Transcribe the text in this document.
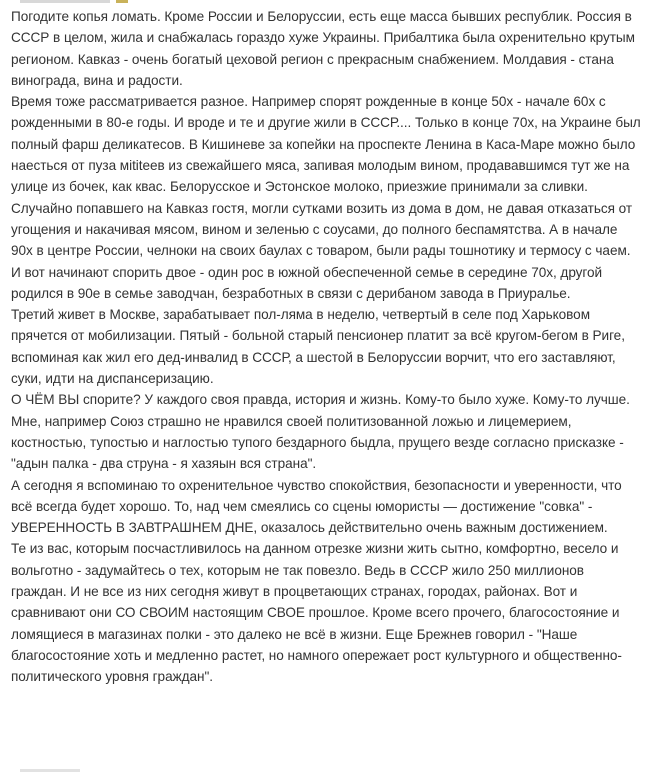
Погодите копья ломать. Кроме России и Белоруссии, есть еще масса бывших республик. Россия в СССР в целом, жила и снабжалась гораздо хуже Украины. Прибалтика была охренительно крутым регионом. Кавказ - очень богатый цеховой регион с прекрасным снабжением. Молдавия - стана винограда, вина и радости.

Время тоже рассматривается разное. Например спорят рожденные в конце 50х - начале 60х с рожденными в 80-е годы. И вроде и те и другие жили в СССР.... Только в конце 70х, на Украине был полный фарш деликатесов. В Кишиневе за копейки на проспекте Ленина в Каса-Маре можно было наесться от пуза мititeев из свежайшего мяса, запивая молодым вином, продававшимся тут же на улице из бочек, как квас. Белорусское и Эстонское молоко, приезжие принимали за сливки. Случайно попавшего на Кавказ гостя, могли сутками возить из дома в дом, не давая отказаться от угощения и накачивая мясом, вином и зеленью с соусами, до полного беспамятства. А в начале 90х в центре России, челноки на своих баулах с товаром, были рады тошнотику и термосу с чаем.

И вот начинают спорить двое - один рос в южной обеспеченной семье в середине 70х, другой родился в 90е в семье заводчан, безработных в связи с дерибаном завода в Приуралье.

Третий живет в Москве, зарабатывает пол-ляма в неделю, четвертый в селе под Харьковом прячется от мобилизации. Пятый - больной старый пенсионер платит за всё кругом-бегом в Риге, вспоминая как жил его дед-инвалид в СССР, а шестой в Белоруссии ворчит, что его заставляют, суки, идти на диспансеризацию.

О ЧЁМ ВЫ спорите? У каждого своя правда, история и жизнь. Кому-то было хуже. Кому-то лучше. Мне, например Союз страшно не нравился своей политизованной ложью и лицемерием, костностью, тупостью и наглостью тупого бездарного быдла, прущего везде согласно присказке - "адын палка - два струна - я хазяын вся страна".

А сегодня я вспоминаю то охренительное чувство спокойствия, безопасности и уверенности, что всё всегда будет хорошо. То, над чем смеялись со сцены юмористы — достижение "совка" - УВЕРЕННОСТЬ В ЗАВТРАШНЕМ ДНЕ, оказалось действительно очень важным достижением.

Те из вас, которым посчастливилось на данном отрезке жизни жить сытно, комфортно, весело и вольготно - задумайтесь о тех, которым не так повезло. Ведь в СССР жило 250 миллионов граждан. И не все из них сегодня живут в процветающих странах, городах, районах. Вот и сравнивают они СО СВОИМ настоящим СВОЕ прошлое. Кроме всего прочего, благосостояние и ломящиеся в магазинах полки - это далеко не всё в жизни. Еще Брежнев говорил - "Наше благосостояние хоть и медленно растет, но намного опережает рост культурного и общественно-политического уровня граждан".
